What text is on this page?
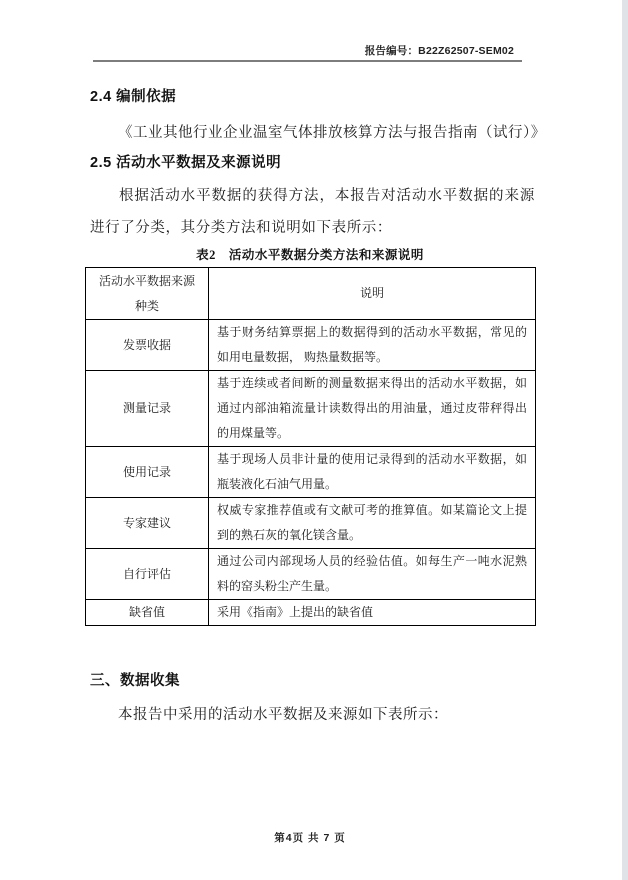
报告编号：B22Z62507-SEM02
2.4 编制依据
《工业其他行业企业温室气体排放核算方法与报告指南（试行）》
2.5 活动水平数据及来源说明
根据活动水平数据的获得方法，本报告对活动水平数据的来源进行了分类，其分类方法和说明如下表所示：
表2　活动水平数据分类方法和来源说明
活动水平数据来源种类	说明
发票收据	基于财务结算票据上的数据得到的活动水平数据，常见的如用电量数据， 购热量数据等。
测量记录	基于连续或者间断的测量数据来得出的活动水平数据，如通过内部油箱流量计读数得出的用油量，通过皮带秤得出的用煤量等。
使用记录	基于现场人员非计量的使用记录得到的活动水平数据，如瓶装液化石油气用量。
专家建议	权威专家推荐值或有文献可考的推算值。如某篇论文上提到的熟石灰的氧化镁含量。
自行评估	通过公司内部现场人员的经验估值。如每生产一吨水泥熟料的窑头粉尘产生量。
缺省值	采用《指南》上提出的缺省值
三、数据收集
本报告中采用的活动水平数据及来源如下表所示：
第4页 共 7 页
